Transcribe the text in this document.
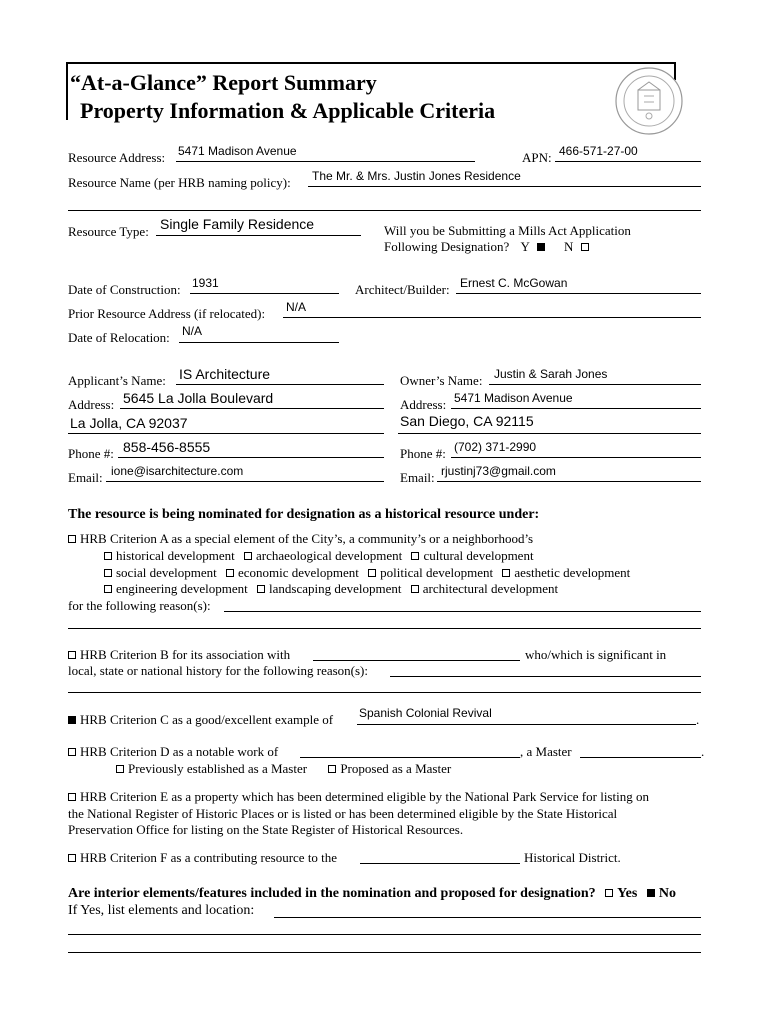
“At-a-Glance” Report Summary
Property Information & Applicable Criteria
Resource Address: 5471 Madison Avenue	APN: 466-571-27-00
Resource Name (per HRB naming policy): The Mr. & Mrs. Justin Jones Residence
Resource Type: Single Family Residence	Will you be Submitting a Mills Act Application
Following Designation? Y	N
Date of Construction: 1931	Architect/Builder: Ernest C. McGowan
Prior Resource Address (if relocated): N/A
Date of Relocation: N/A
Applicant’s Name: IS Architecture
Address: 5645 La Jolla Boulevard
La Jolla, CA 92037
Phone #: 858-456-8555
Email: ione@isarchitecture.com
Owner’s Name: Justin & Sarah Jones
Address: 5471 Madison Avenue
San Diego, CA 92115
Phone #: (702) 371-2990
Email: rjustinj73@gmail.com
The resource is being nominated for designation as a historical resource under:
HRB Criterion A as a special element of the City’s, a community’s or a neighborhood’s
historical development archaeological development cultural development
social development economic development political development aesthetic development
engineering development landscaping development architectural development
for the following reason(s):
HRB Criterion B for its association with	who/which is significant in
local, state or national history for the following reason(s):
HRB Criterion C as a good/excellent example of Spanish Colonial Revival	.
HRB Criterion D as a notable work of	, a Master	.
Previously established as a Master	Proposed as a Master
HRB Criterion E as a property which has been determined eligible by the National Park Service for listing on
the National Register of Historic Places or is listed or has been determined eligible by the State Historical
Preservation Office for listing on the State Register of Historical Resources.
HRB Criterion F as a contributing resource to the	Historical District.
Are interior elements/features included in the nomination and proposed for designation? Yes No
If Yes, list elements and location:
